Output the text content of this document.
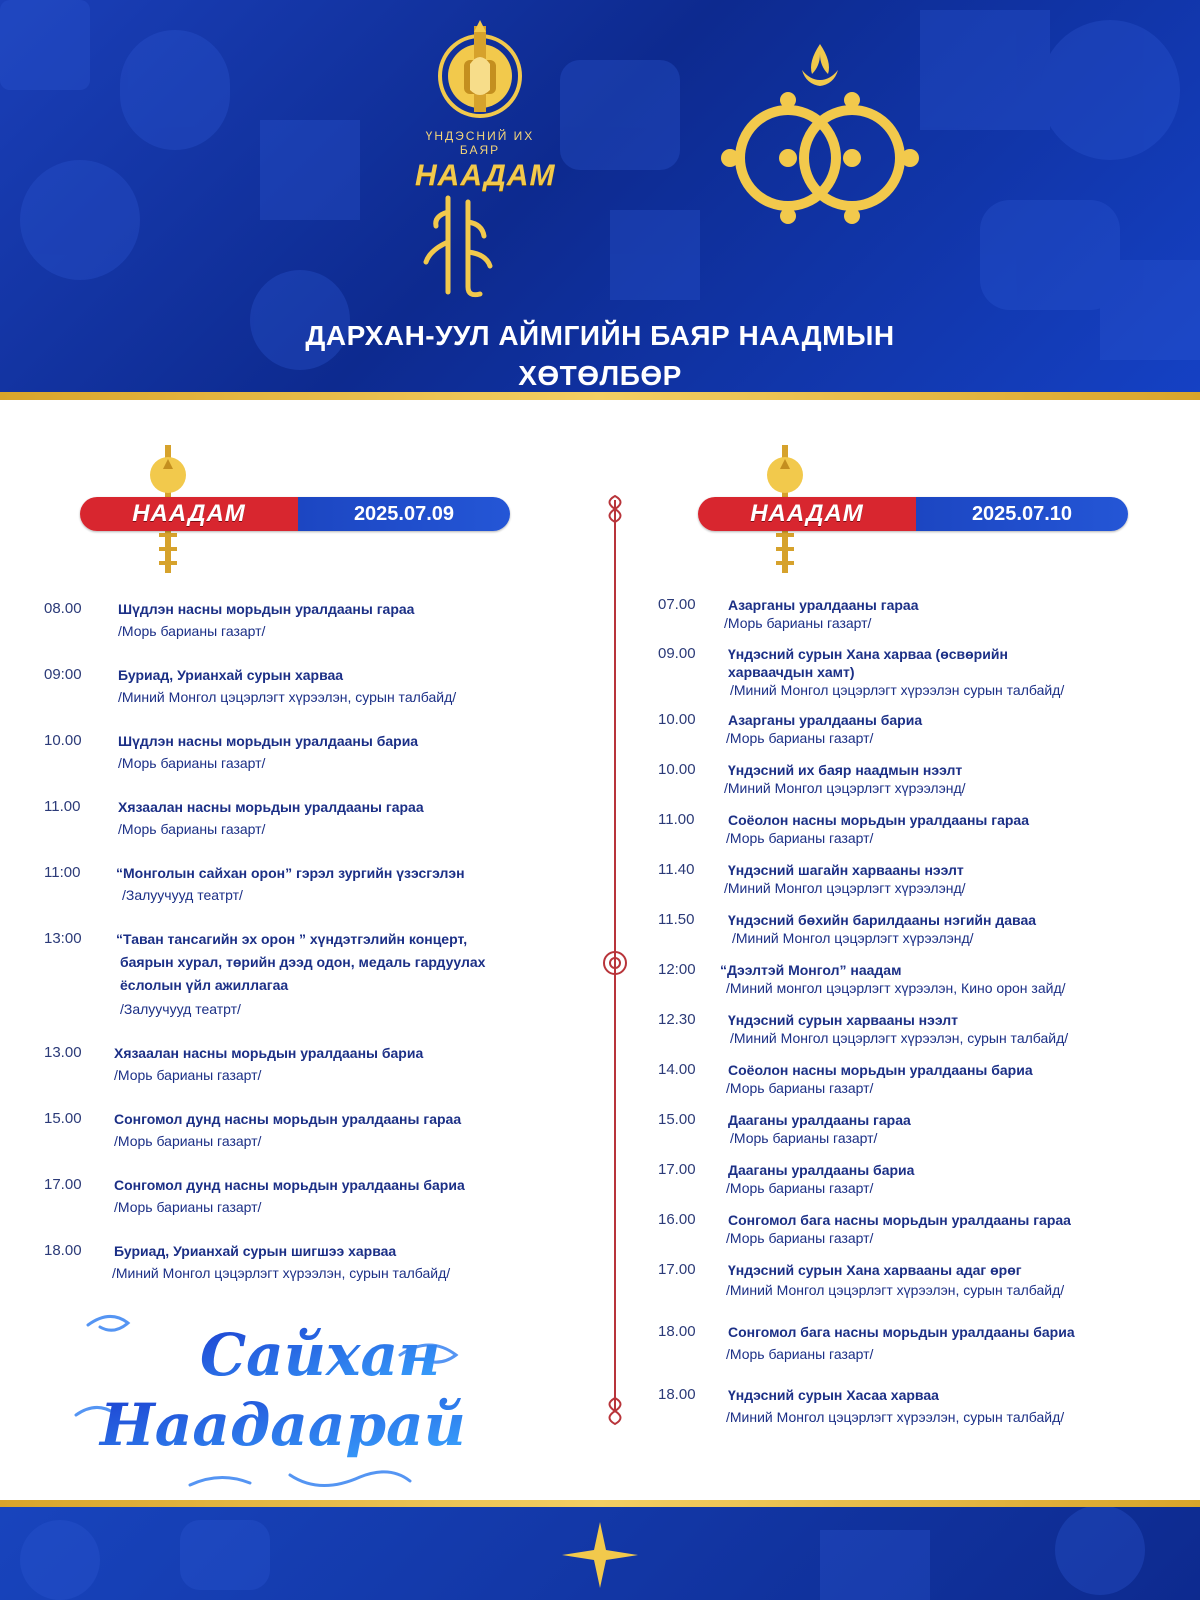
ҮНДЭСНИЙ ИХ БАЯР
НААДАМ
ДАРХАН-УУЛ АЙМГИЙН БАЯР НААДМЫН
ХӨТӨЛБӨР
НААДАМ	2025.07.09	НААДАМ	2025.07.10
08.00	Шүдлэн насны морьдын уралдааны гараа
/Морь барианы газарт/
09:00	Буриад, Урианхай сурын харваа
/Миний Монгол цэцэрлэгт хүрээлэн, сурын талбайд/
10.00	Шүдлэн насны морьдын уралдааны бариа
/Морь барианы газарт/
11.00	Хязаалан насны морьдын уралдааны гараа
/Морь барианы газарт/
11:00	“Монголын сайхан орон” гэрэл зургийн үзэсгэлэн
/Залуучууд театрт/
13:00 “Таван тансагийн эх орон ” хүндэтгэлийн концерт,
баярын хурал, төрийн дээд одон, медаль гардуулах
ёслолын үйл ажиллагаа
/Залуучууд театрт/
13.00 Хязаалан насны морьдын уралдааны бариа
/Морь барианы газарт/
15.00 Сонгомол дунд насны морьдын уралдааны гараа
/Морь барианы газарт/
17.00 Сонгомол дунд насны морьдын уралдааны бариа
/Морь барианы газарт/
18.00 Буриад, Урианхай сурын шигшээ харваа
/Миний Монгол цэцэрлэгт хүрээлэн, сурын талбайд/
07.00 Азарганы уралдааны гараа
/Морь барианы газарт/
09.00 Үндэсний сурын Хана харваа (өсвөрийн
харваачдын хамт)
/Миний Монгол цэцэрлэгт хүрээлэн сурын талбайд/
10.00 Азарганы уралдааны бариа
/Морь барианы газарт/
10.00 Үндэсний их баяр наадмын нээлт
/Миний Монгол цэцэрлэгт хүрээлэнд/
11.00 Соёолон насны морьдын уралдааны гараа
/Морь барианы газарт/
11.40 Үндэсний шагайн харвааны нээлт
/Миний Монгол цэцэрлэгт хүрээлэнд/
11.50 Үндэсний бөхийн барилдааны нэгийн даваа
/Миний Монгол цэцэрлэгт хүрээлэнд/
12:00 “Дээлтэй Монгол” наадам
/Миний монгол цэцэрлэгт хүрээлэн, Кино орон зайд/
12.30 Үндэсний сурын харвааны нээлт
/Миний Монгол цэцэрлэгт хүрээлэн, сурын талбайд/
14.00 Соёолон насны морьдын уралдааны бариа
/Морь барианы газарт/
15.00 Дааганы уралдааны гараа
/Морь барианы газарт/
17.00 Дааганы уралдааны бариа
/Морь барианы газарт/
16.00 Сонгомол бага насны морьдын уралдааны гараа
/Морь барианы газарт/
17.00 Үндэсний сурын Хана харвааны адаг өрөг
/Миний Монгол цэцэрлэгт хүрээлэн, сурын талбайд/
18.00 Сонгомол бага насны морьдын уралдааны бариа
/Морь барианы газарт/
18.00 Үндэсний сурын Хасаа харваа
/Миний Монгол цэцэрлэгт хүрээлэн, сурын талбайд/
Сайхан
Наадаарай
